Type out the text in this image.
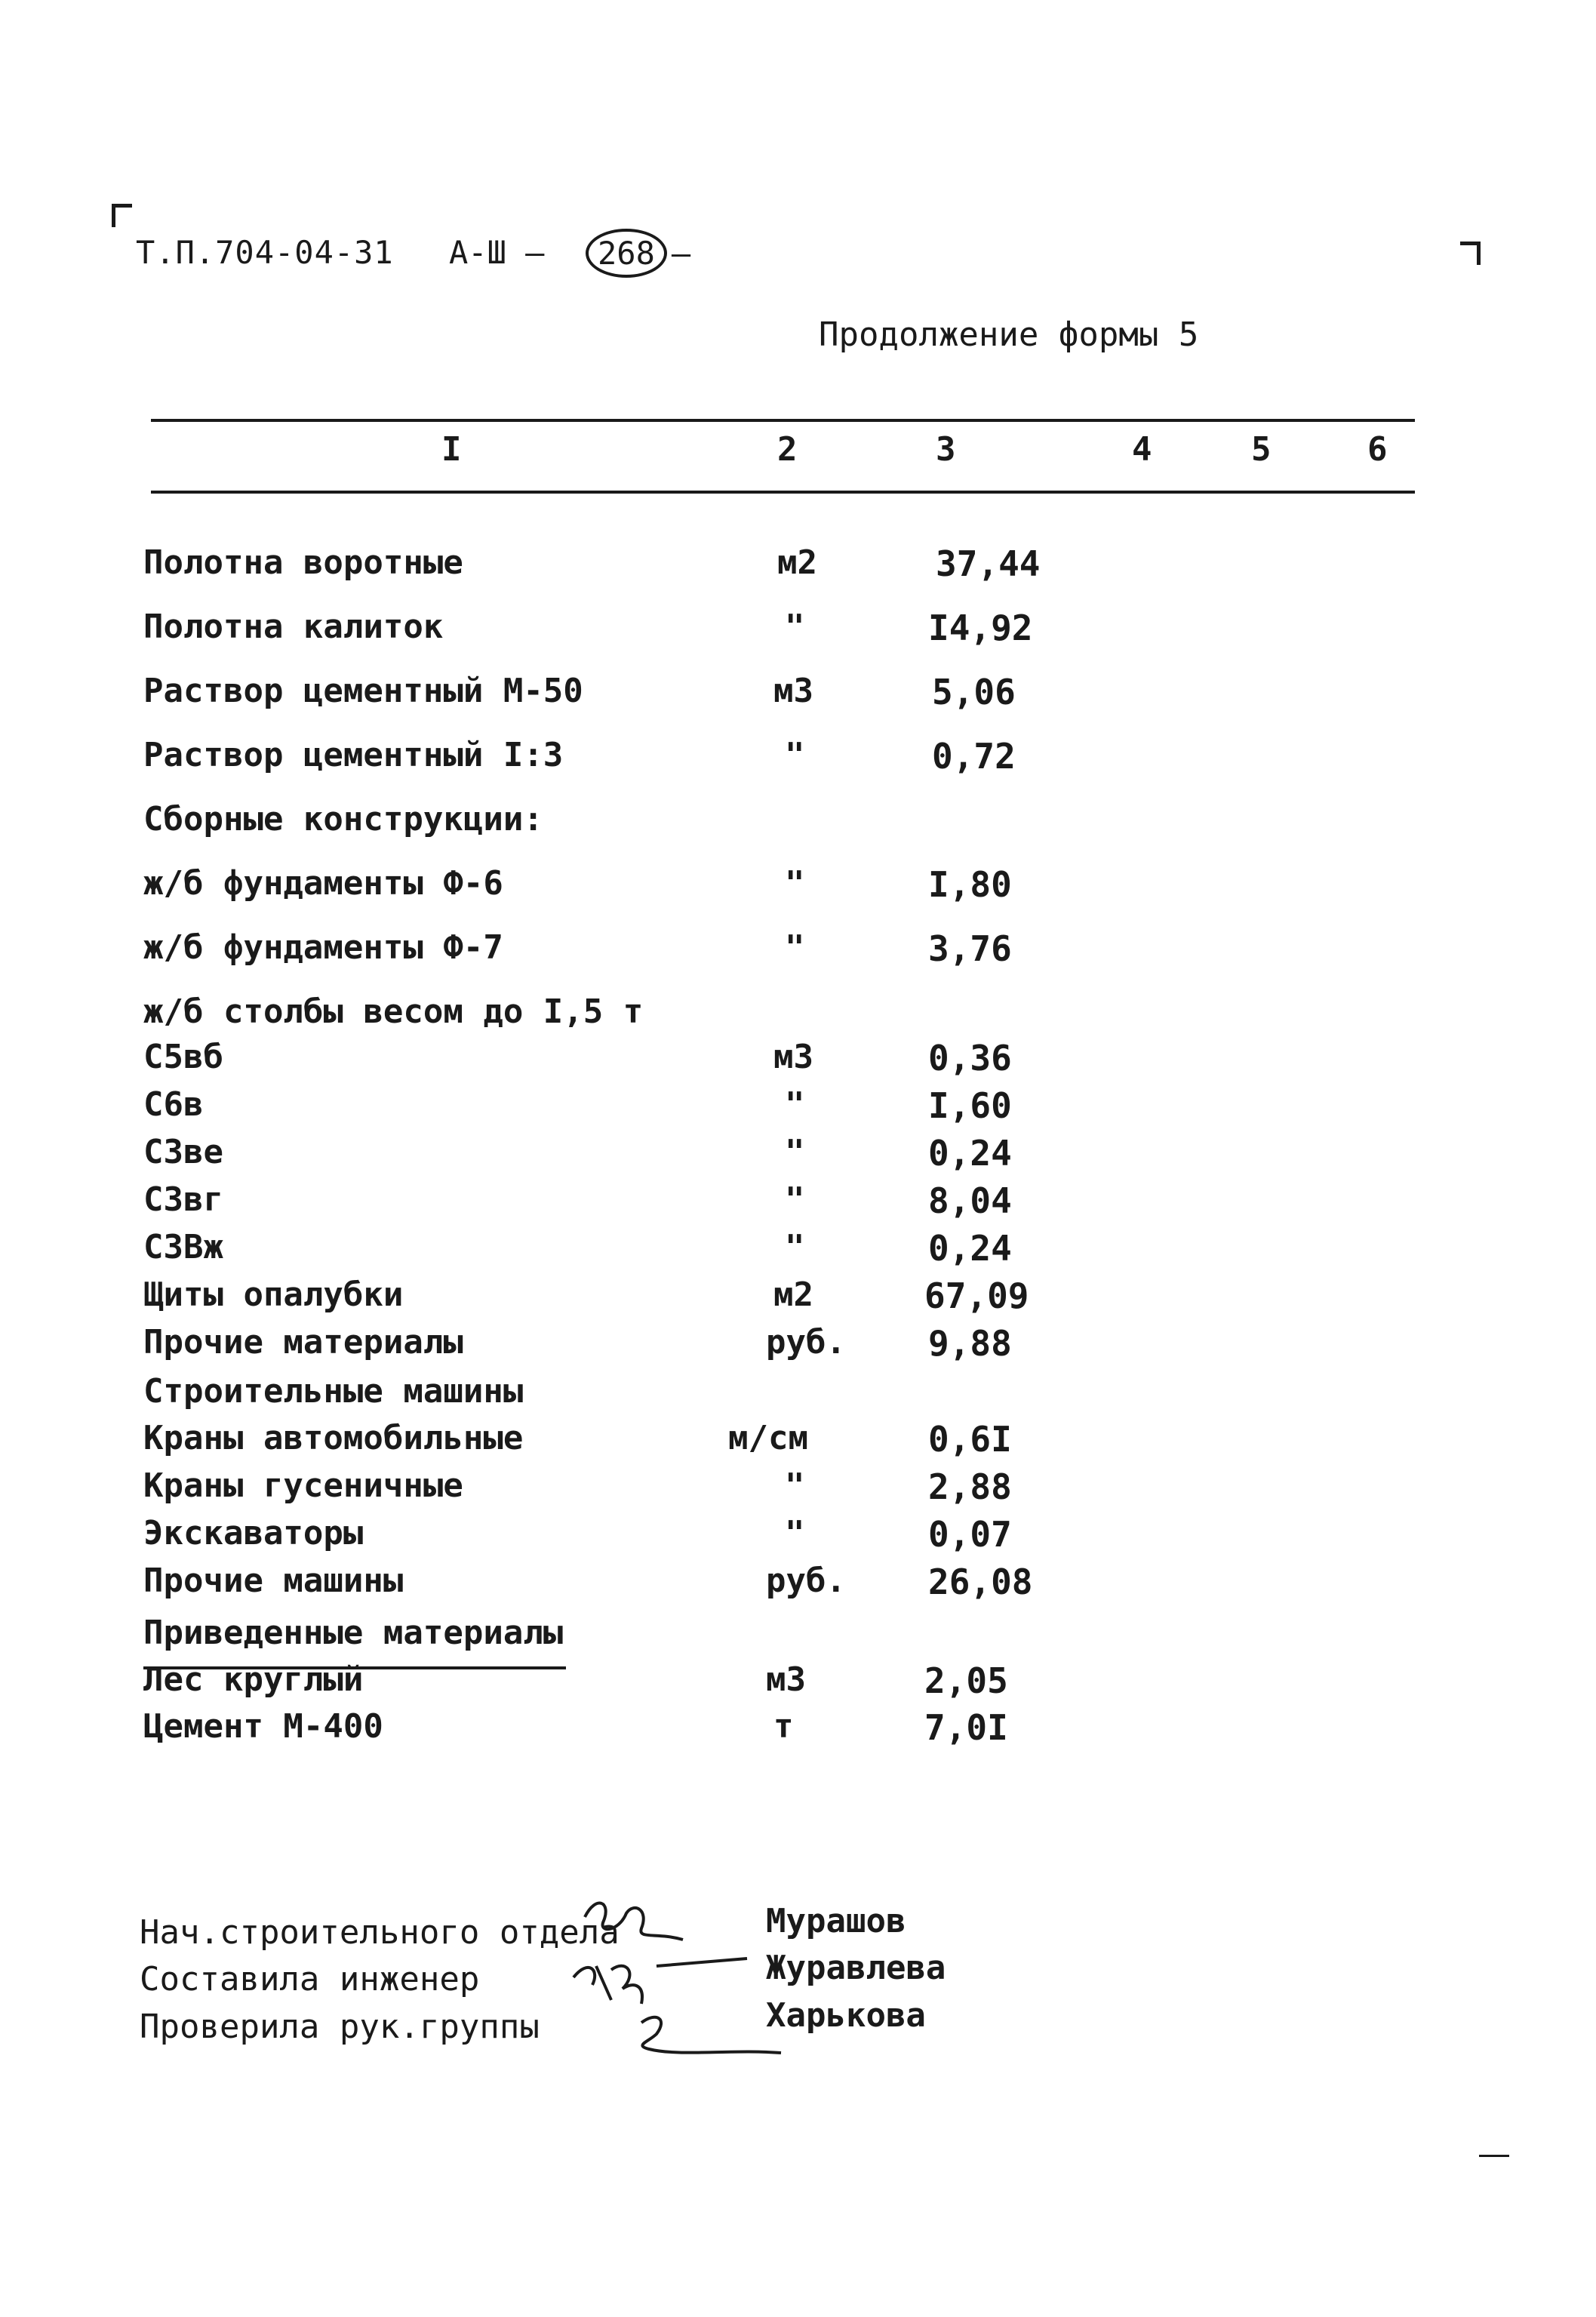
Т.П.704-04-31 А-Ш —	268 —
Продолжение формы 5
I	2	3	4	5	6
Полотна воротные	м2	37,44
Полотна калиток	"	I4,92
Раствор цементный М-50	м3	5,06
Раствор цементный I:3	"	0,72
Сборные конструкции:
ж/б фундаменты Ф-6	"	I,80
ж/б фундаменты Ф-7	"	3,76
ж/б столбы весом до I,5 т
С5вб	м3	0,36
С6в	"	I,60
С3ве	"	0,24
С3вг	"	8,04
С3Вж	"	0,24
Щиты опалубки	м2	67,09
Прочие материалы	руб. 9,88
Строительные машины
Краны автомобильные	м/см	0,6I
Краны гусеничные	"	2,88
Экскаваторы	"	0,07
Прочие машины	руб. 26,08
Приведенные материалы
Лес круглый	м3	2,05
Цемент М-400	т	7,0I
Нач.строительного отдела	Мурашов
Составила инженер	Журавлева
Проверила рук.группы	Харькова
